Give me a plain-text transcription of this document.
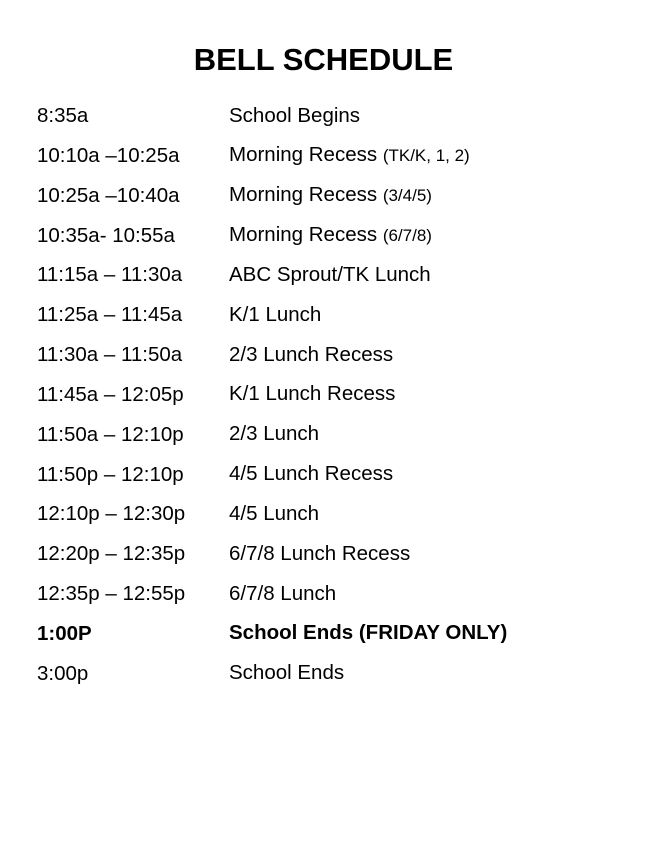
BELL SCHEDULE
8:35a	School Begins
10:10a –10:25a	Morning Recess (TK/K, 1, 2)
10:25a –10:40a	Morning Recess (3/4/5)
10:35a- 10:55a	Morning Recess (6/7/8)
11:15a – 11:30a	ABC Sprout/TK Lunch
11:25a – 11:45a	K/1 Lunch
11:30a – 11:50a	2/3 Lunch Recess
11:45a – 12:05p	K/1 Lunch Recess
11:50a – 12:10p	2/3 Lunch
11:50p – 12:10p	4/5 Lunch Recess
12:10p – 12:30p	4/5 Lunch
12:20p – 12:35p	6/7/8 Lunch Recess
12:35p – 12:55p	6/7/8 Lunch
1:00P	School Ends (FRIDAY ONLY)
3:00p	School Ends
